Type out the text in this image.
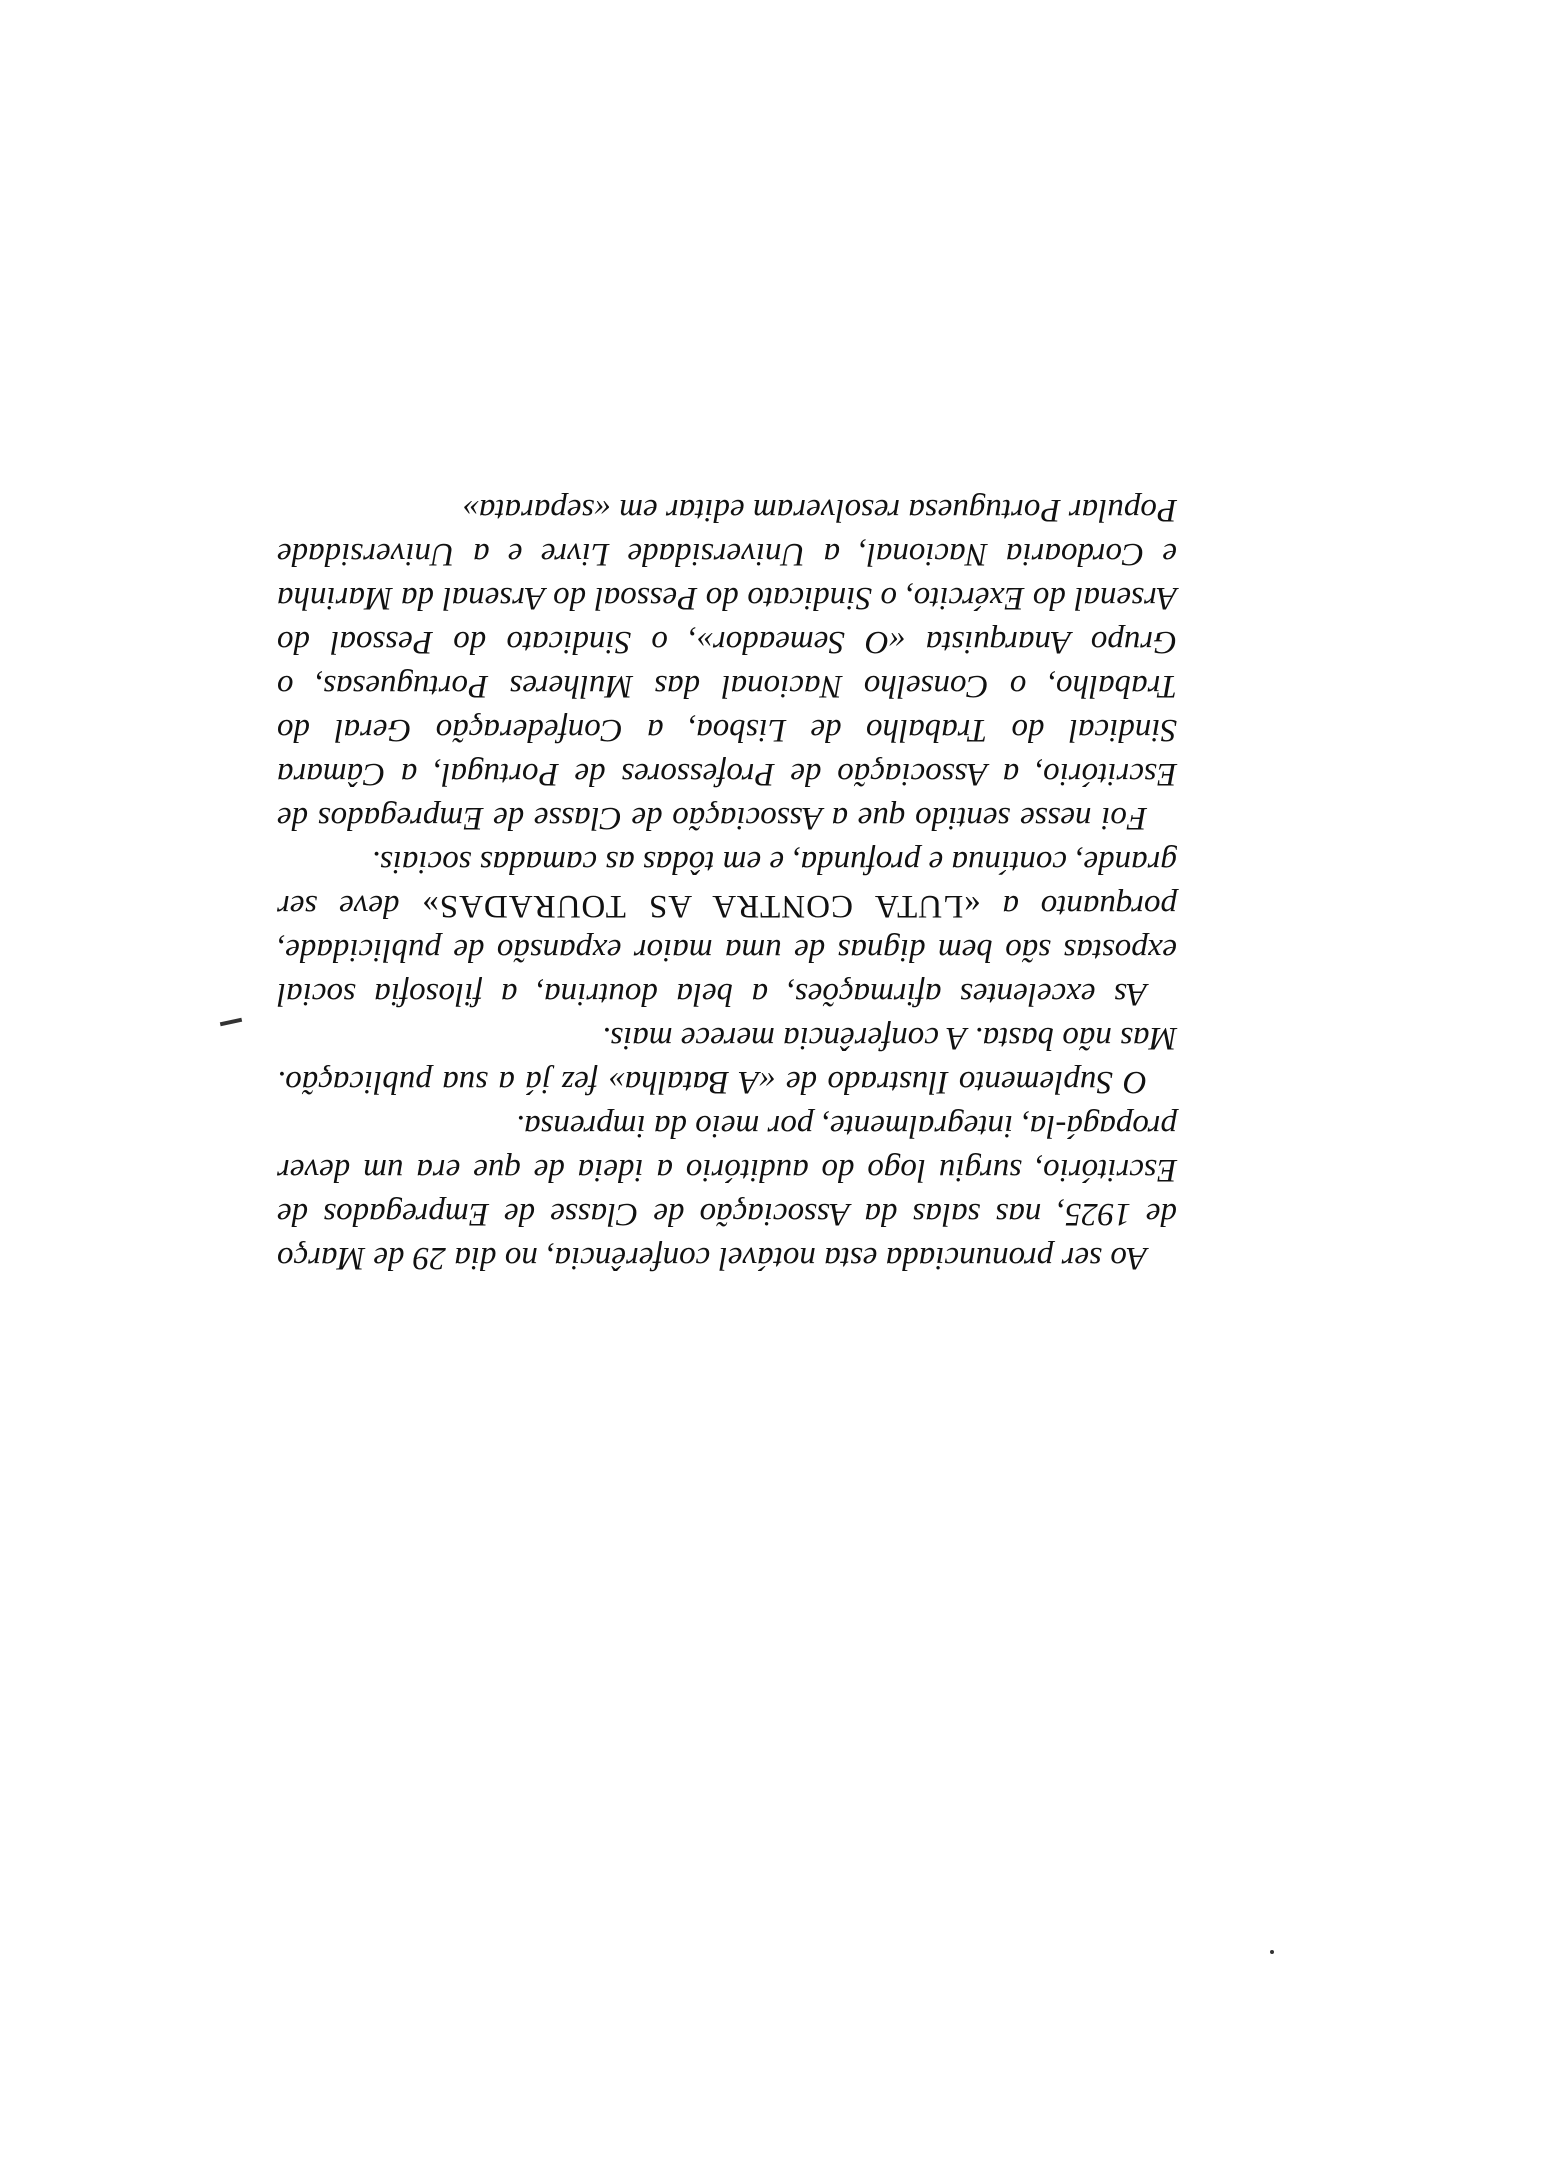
Ao ser pronunciada esta notável conferência, no dia 29 de Março de 1925, nas salas da Associação de Classe de Empregados de Escritório, surgiu logo do auditório a ideia de que era um dever propagá-la, integralmente, por meio da imprensa.

O Suplemento Ilustrado de «A Batalha» fez já a sua publicação. Mas não basta. A conferência merece mais.

As excelentes afirmações, a bela doutrina, a filosofia social expostas são bem dignas de uma maior expansão de publicidade, porquanto a «LUTA CONTRA AS TOURADAS» deve ser grande, contínua e profunda, e em tôdas as camadas sociais.

Foi nesse sentido que a Associação de Classe de Empregados de Escritório, a Associação de Professores de Portugal, a Câmara Sindical do Trabalho de Lisboa, a Confederação Geral do Trabalho, o Conselho Nacional das Mulheres Portuguesas, o Grupo Anarquista «O Semeador», o Sindicato do Pessoal do Arsenal do Exército, o Sindicato do Pessoal do Arsenal da Marinha e Cordoaria Nacional, a Universidade Livre e a Universidade Popular Portuguesa resolveram editar em «separata»
